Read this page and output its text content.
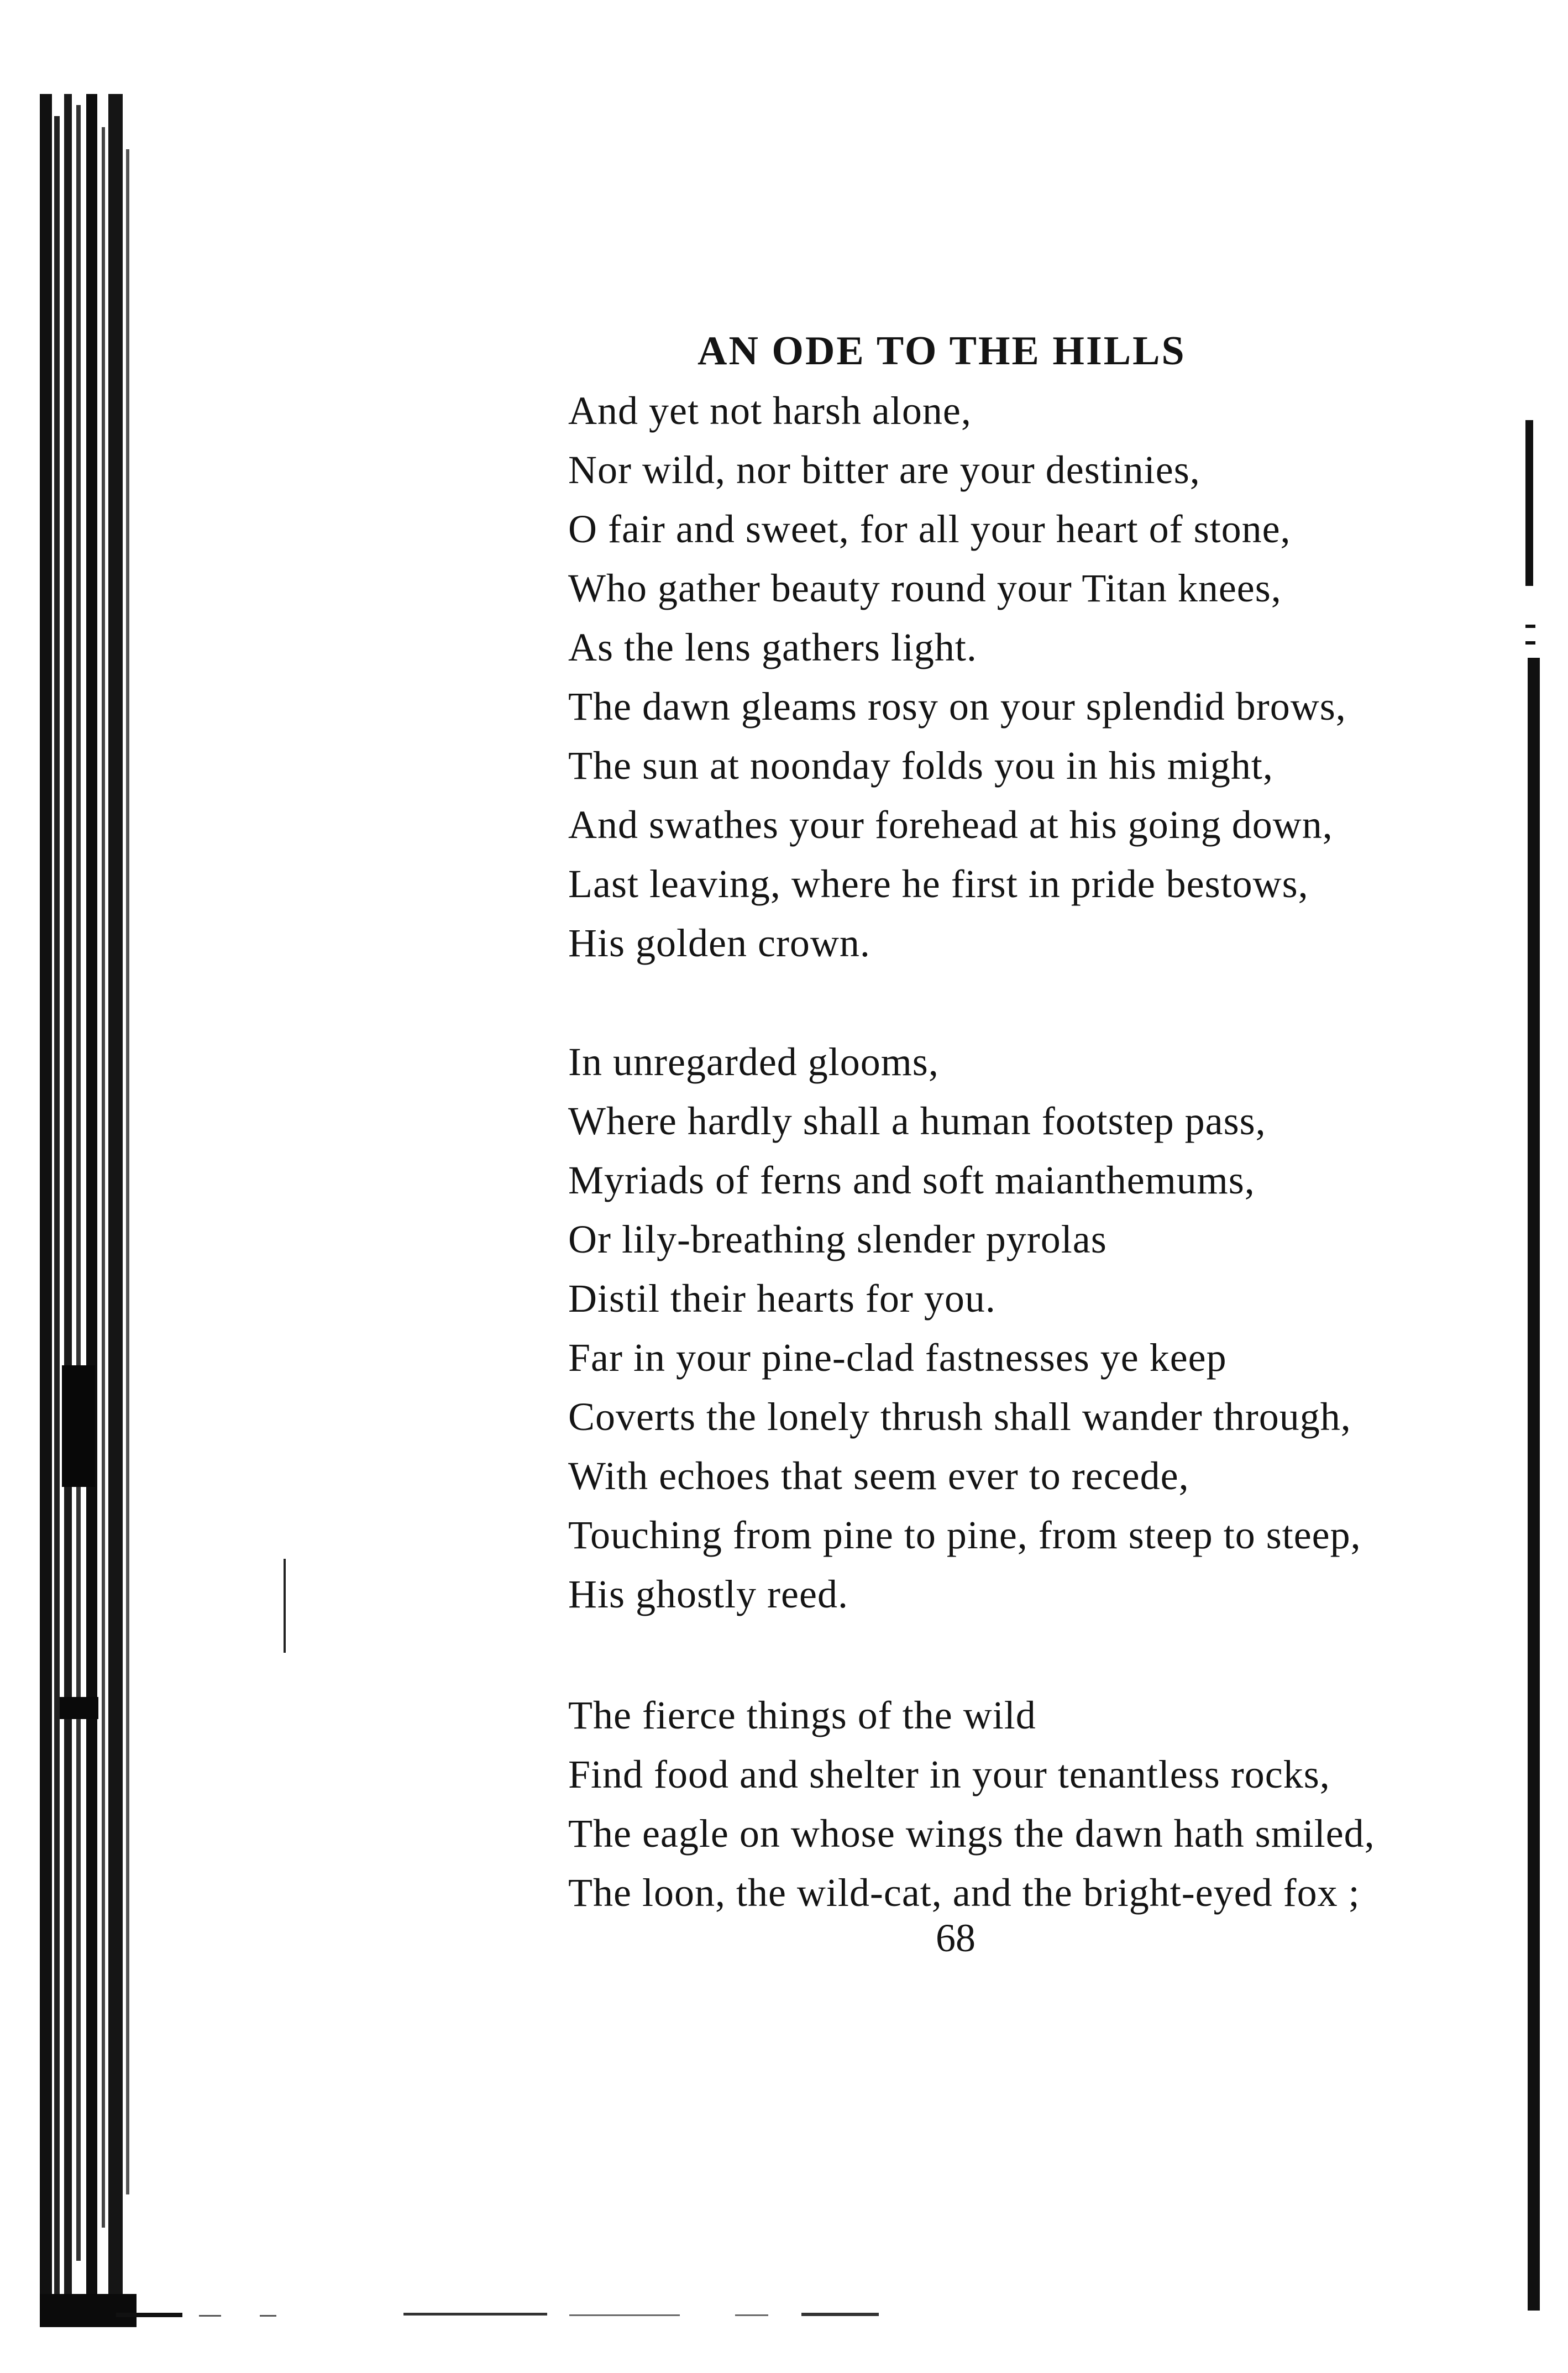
AN ODE TO THE HILLS
And yet not harsh alone,
Nor wild, nor bitter are your destinies,
O fair and sweet, for all your heart of stone,
Who gather beauty round your Titan knees,
As the lens gathers light.
The dawn gleams rosy on your splendid brows,
The sun at noonday folds you in his might,
And swathes your forehead at his going down,
Last leaving, where he first in pride bestows,
His golden crown.
In unregarded glooms,
Where hardly shall a human footstep pass,
Myriads of ferns and soft maianthemums,
Or lily-breathing slender pyrolas
Distil their hearts for you.
Far in your pine-clad fastnesses ye keep
Coverts the lonely thrush shall wander through,
With echoes that seem ever to recede,
Touching from pine to pine, from steep to steep,
His ghostly reed.
The fierce things of the wild
Find food and shelter in your tenantless rocks,
The eagle on whose wings the dawn hath smiled,
The loon, the wild-cat, and the bright-eyed fox ;
68
